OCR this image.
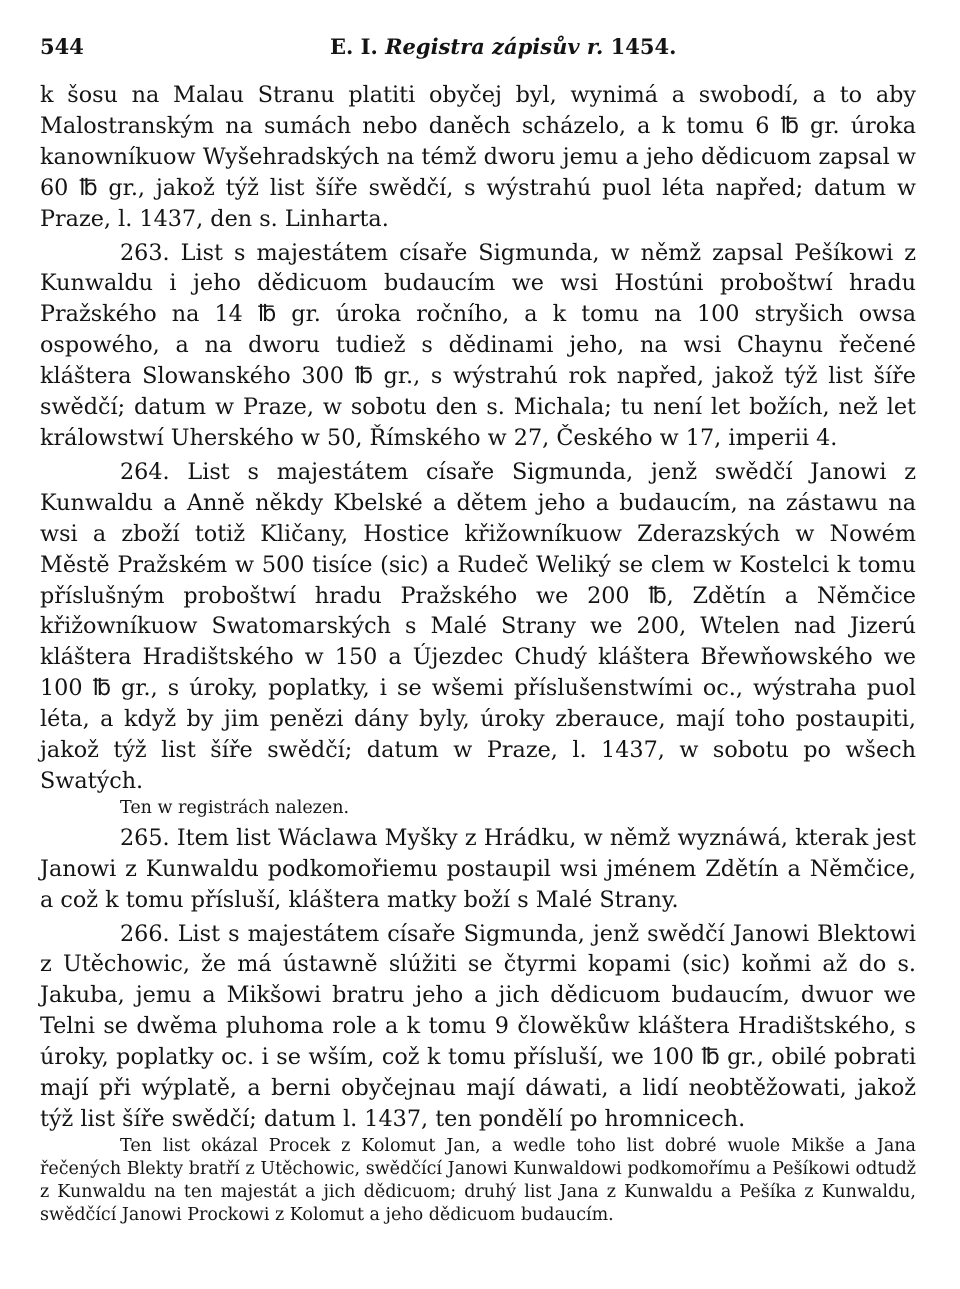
544	E. I. Registra zápisův r. 1454.

k šosu na Malau Stranu platiti obyčej byl, wynimá a swobodí, a to aby Malostranským na sumách nebo daněch scházelo, a k tomu 6 ℔ gr. úroka kanowníkuow Wyšehradských na témž dworu jemu a jeho dědicuom zapsal w 60 ℔ gr., jakož týž list šíře swědčí, s wýstrahú puol léta napřed; datum w Praze, l. 1437, den s. Linharta.

263. List s majestátem císaře Sigmunda, w němž zapsal Pešíkowi z Kunwaldu i jeho dědicuom budaucím we wsi Hostúni proboštwí hradu Pražského na 14 ℔ gr. úroka ročního, a k tomu na 100 stryšich owsa ospowého, a na dworu tudiež s dědinami jeho, na wsi Chaynu řečené kláštera Slowanského 300 ℔ gr., s wýstrahú rok napřed, jakož týž list šíře swědčí; datum w Praze, w sobotu den s. Michala; tu není let božích, než let králowstwí Uherského w 50, Římského w 27, Českého w 17, imperii 4.

264. List s majestátem císaře Sigmunda, jenž swědčí Janowi z Kunwaldu a Anně někdy Kbelské a dětem jeho a budaucím, na zástawu na wsi a zboží totiž Kličany, Hostice křižowníkuow Zderazských w Nowém Městě Pražském w 500 tisíce (sic) a Rudeč Weliký se clem w Kostelci k tomu příslušným proboštwí hradu Pražského we 200 ℔, Zdětín a Němčice křižowníkuow Swatomarských s Malé Strany we 200, Wtelen nad Jizerú kláštera Hradištského w 150 a Újezdec Chudý kláštera Břewňowského we 100 ℔ gr., s úroky, poplatky, i se wšemi příslušenstwími oc., wýstraha puol léta, a když by jim penězi dány byly, úroky zberauce, mají toho postaupiti, jakož týž list šíře swědčí; datum w Praze, l. 1437, w sobotu po wšech Swatých.

Ten w registrách nalezen.

265. Item list Wáclawa Myšky z Hrádku, w němž wyznáwá, kterak jest Janowi z Kunwaldu podkomořiemu postaupil wsi jménem Zdětín a Němčice, a což k tomu přísluší, kláštera matky boží s Malé Strany.

266. List s majestátem císaře Sigmunda, jenž swědčí Janowi Blektowi z Utěchowic, že má ústawně slúžiti se čtyrmi kopami (sic) koňmi až do s. Jakuba, jemu a Mikšowi bratru jeho a jich dědicuom budaucím, dwuor we Telni se dwěma pluhoma role a k tomu 9 člowěkůw kláštera Hradištského, s úroky, poplatky oc. i se wším, což k tomu přísluší, we 100 ℔ gr., obilé pobrati mají při wýplatě, a berni obyčejnau mají dáwati, a lidí neobtěžowati, jakož týž list šíře swědčí; datum l. 1437, ten pondělí po hromnicech.

Ten list okázal Procek z Kolomut Jan, a wedle toho list dobré wuole Mikše a Jana řečených Blekty bratří z Utěchowic, swědčící Janowi Kunwaldowi podkomořímu a Pešíkowi odtudž z Kunwaldu na ten majestát a jich dědicuom; druhý list Jana z Kunwaldu a Pešíka z Kunwaldu, swědčící Janowi Prockowi z Kolomut a jeho dědicuom budaucím.
